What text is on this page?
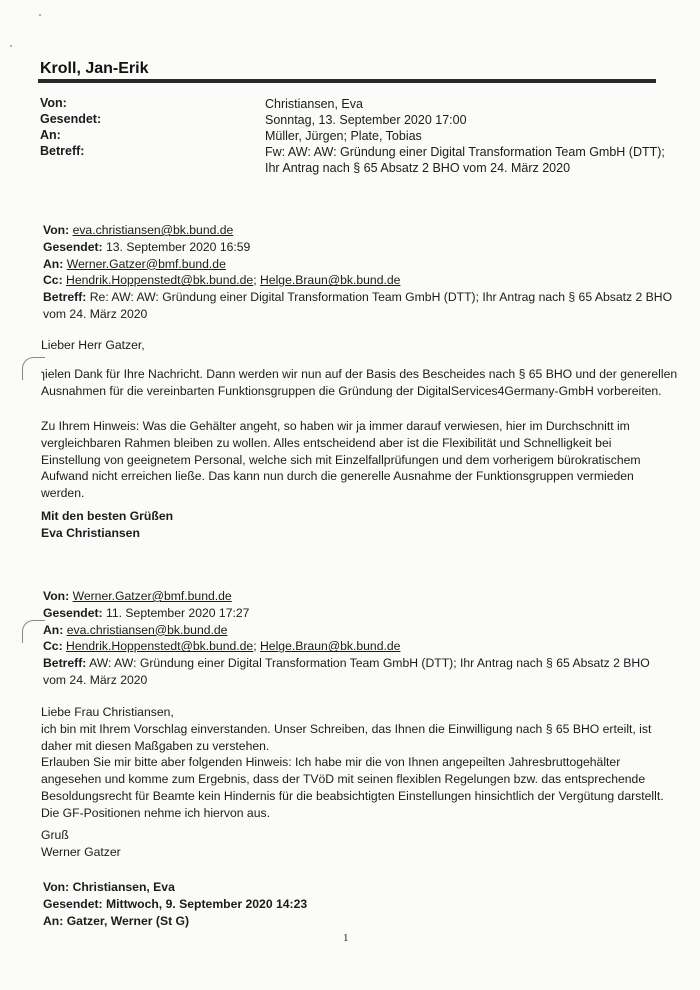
Kroll, Jan-Erik
Von:
Gesendet:
An:
Betreff:
Christiansen, Eva
Sonntag, 13. September 2020 17:00
Müller, Jürgen; Plate, Tobias
Fw: AW: AW: Gründung einer Digital Transformation Team GmbH (DTT);
Ihr Antrag nach § 65 Absatz 2 BHO vom 24. März 2020
Von: eva.christiansen@bk.bund.de
Gesendet: 13. September 2020 16:59
An: Werner.Gatzer@bmf.bund.de
Cc: Hendrik.Hoppenstedt@bk.bund.de; Helge.Braun@bk.bund.de
Betreff: Re: AW: AW: Gründung einer Digital Transformation Team GmbH (DTT); Ihr Antrag nach § 65 Absatz 2 BHO
vom 24. März 2020
Lieber Herr Gatzer,
ɿielen Dank für Ihre Nachricht. Dann werden wir nun auf der Basis des Bescheides nach § 65 BHO und der generellen
Ausnahmen für die vereinbarten Funktionsgruppen die Gründung der DigitalServices4Germany-GmbH vorbereiten.
Zu Ihrem Hinweis: Was die Gehälter angeht, so haben wir ja immer darauf verwiesen, hier im Durchschnitt im
vergleichbaren Rahmen bleiben zu wollen. Alles entscheidend aber ist die Flexibilität und Schnelligkeit bei
Einstellung von geeignetem Personal, welche sich mit Einzelfallprüfungen und dem vorherigem bürokratischem
Aufwand nicht erreichen ließe. Das kann nun durch die generelle Ausnahme der Funktionsgruppen vermieden
werden.
Mit den besten Grüßen
Eva Christiansen
Von: Werner.Gatzer@bmf.bund.de
Gesendet: 11. September 2020 17:27
An: eva.christiansen@bk.bund.de
Cc: Hendrik.Hoppenstedt@bk.bund.de; Helge.Braun@bk.bund.de
Betreff: AW: AW: Gründung einer Digital Transformation Team GmbH (DTT); Ihr Antrag nach § 65 Absatz 2 BHO
vom 24. März 2020
Liebe Frau Christiansen,
ich bin mit Ihrem Vorschlag einverstanden. Unser Schreiben, das Ihnen die Einwilligung nach § 65 BHO erteilt, ist
daher mit diesen Maßgaben zu verstehen.
Erlauben Sie mir bitte aber folgenden Hinweis: Ich habe mir die von Ihnen angepeilten Jahresbruttogehälter
angesehen und komme zum Ergebnis, dass der TVöD mit seinen flexiblen Regelungen bzw. das entsprechende
Besoldungsrecht für Beamte kein Hindernis für die beabsichtigten Einstellungen hinsichtlich der Vergütung darstellt.
Die GF-Positionen nehme ich hiervon aus.
Gruß
Werner Gatzer
Von: Christiansen, Eva
Gesendet: Mittwoch, 9. September 2020 14:23
An: Gatzer, Werner (St G)
1
